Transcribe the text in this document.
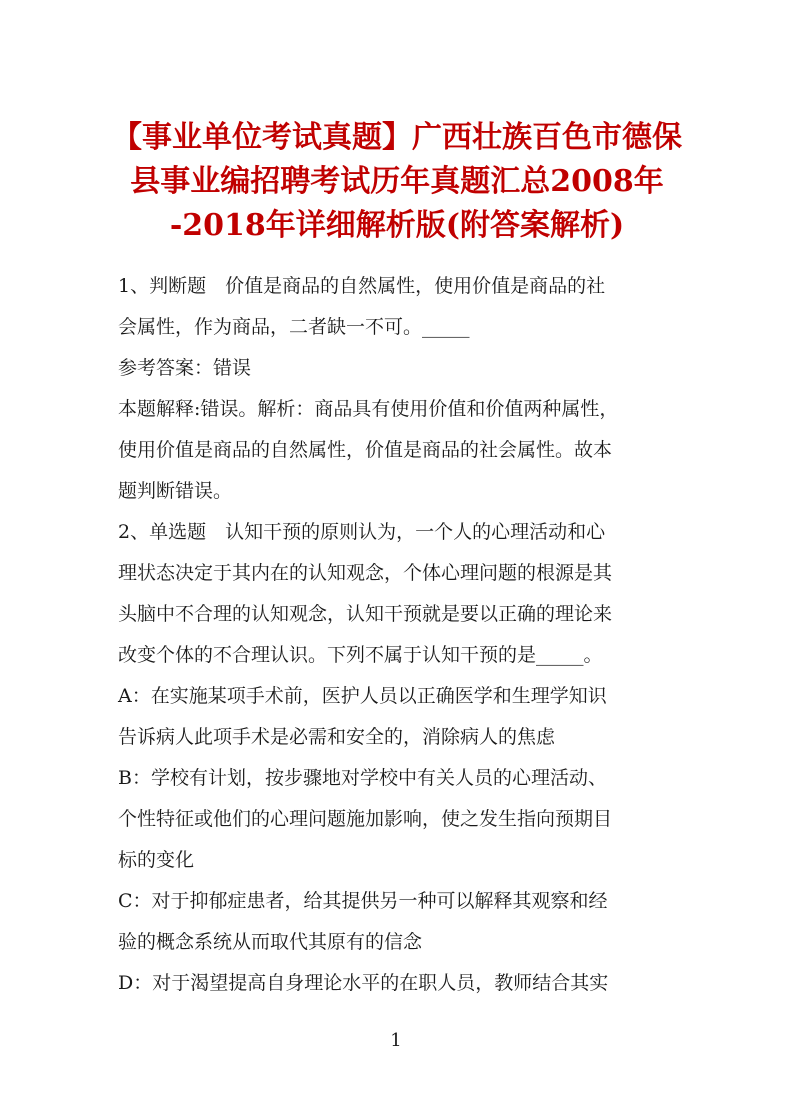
【事业单位考试真题】广西壮族百色市德保
县事业编招聘考试历年真题汇总2008年
-2018年详细解析版(附答案解析)
1、判断题　价值是商品的自然属性，使用价值是商品的社
会属性，作为商品，二者缺一不可。_____
参考答案：错误
本题解释:错误。解析：商品具有使用价值和价值两种属性，
使用价值是商品的自然属性，价值是商品的社会属性。故本
题判断错误。
2、单选题　认知干预的原则认为，一个人的心理活动和心
理状态决定于其内在的认知观念，个体心理问题的根源是其
头脑中不合理的认知观念，认知干预就是要以正确的理论来
改变个体的不合理认识。下列不属于认知干预的是_____。
A：在实施某项手术前，医护人员以正确医学和生理学知识
告诉病人此项手术是必需和安全的，消除病人的焦虑
B：学校有计划，按步骤地对学校中有关人员的心理活动、
个性特征或他们的心理问题施加影响，使之发生指向预期目
标的变化
C：对于抑郁症患者，给其提供另一种可以解释其观察和经
验的概念系统从而取代其原有的信念
D：对于渴望提高自身理论水平的在职人员，教师结合其实
1
